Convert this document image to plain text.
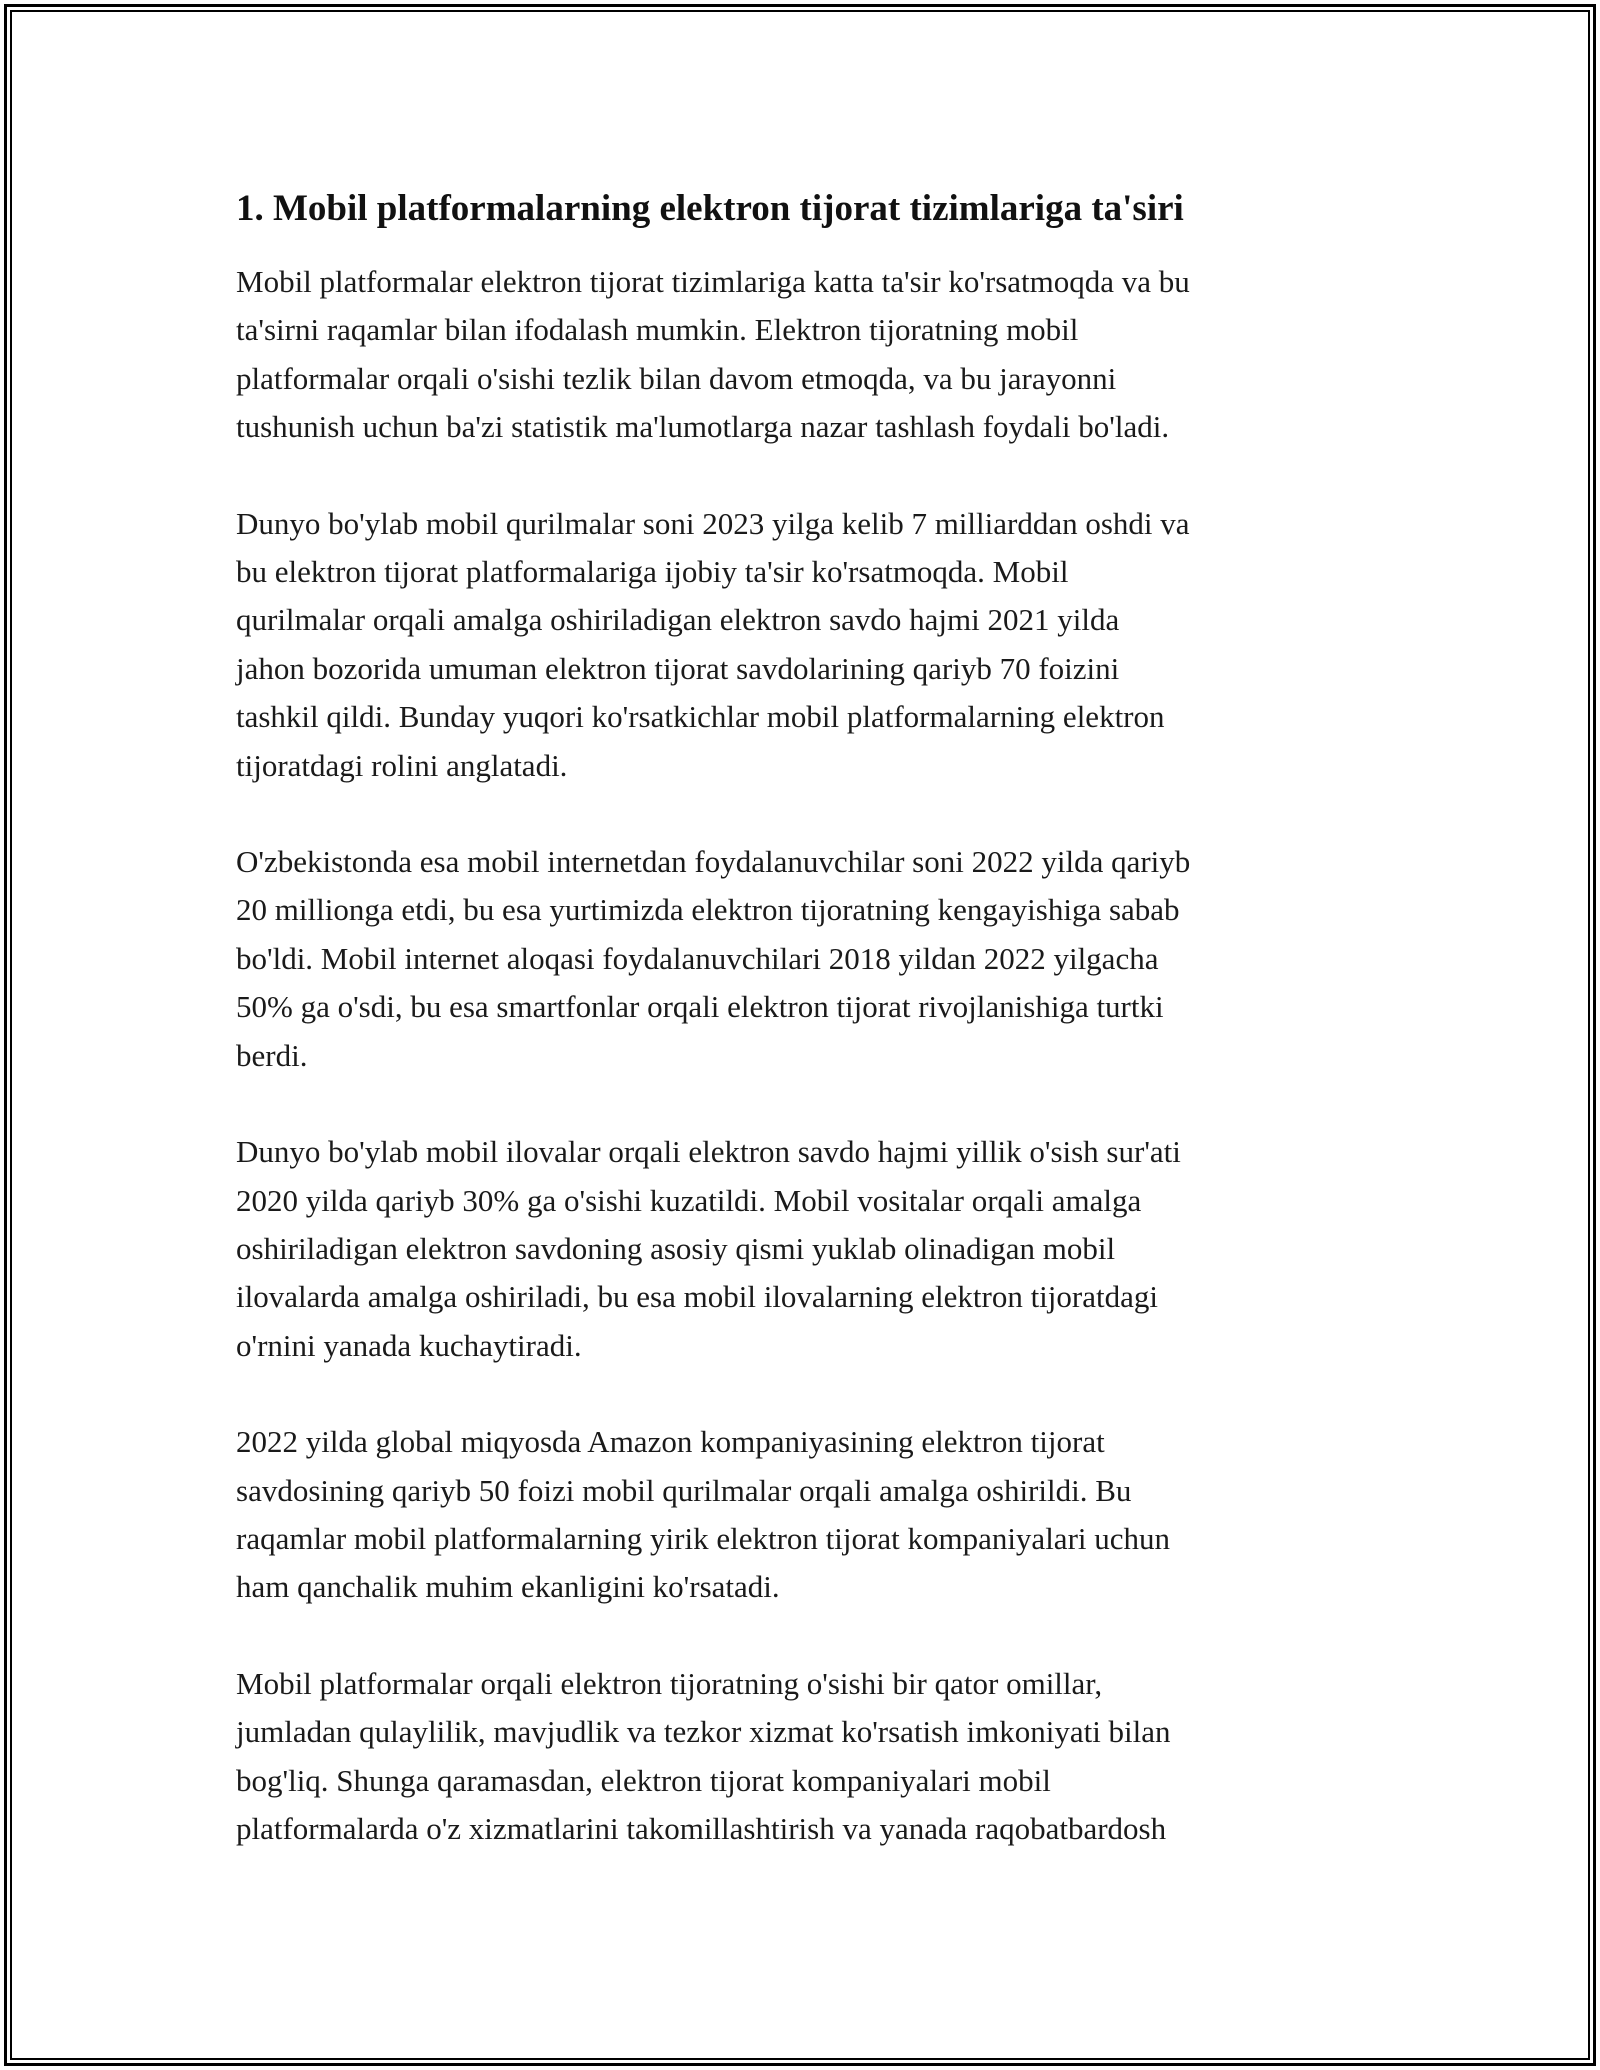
1. Mobil platformalarning elektron tijorat tizimlariga ta'siri

Mobil platformalar elektron tijorat tizimlariga katta ta'sir ko'rsatmoqda va bu
ta'sirni raqamlar bilan ifodalash mumkin. Elektron tijoratning mobil
platformalar orqali o'sishi tezlik bilan davom etmoqda, va bu jarayonni
tushunish uchun ba'zi statistik ma'lumotlarga nazar tashlash foydali bo'ladi.

Dunyo bo'ylab mobil qurilmalar soni 2023 yilga kelib 7 milliarddan oshdi va
bu elektron tijorat platformalariga ijobiy ta'sir ko'rsatmoqda. Mobil
qurilmalar orqali amalga oshiriladigan elektron savdo hajmi 2021 yilda
jahon bozorida umuman elektron tijorat savdolarining qariyb 70 foizini
tashkil qildi. Bunday yuqori ko'rsatkichlar mobil platformalarning elektron
tijoratdagi rolini anglatadi.

O'zbekistonda esa mobil internetdan foydalanuvchilar soni 2022 yilda qariyb
20 millionga etdi, bu esa yurtimizda elektron tijoratning kengayishiga sabab
bo'ldi. Mobil internet aloqasi foydalanuvchilari 2018 yildan 2022 yilgacha
50% ga o'sdi, bu esa smartfonlar orqali elektron tijorat rivojlanishiga turtki
berdi.

Dunyo bo'ylab mobil ilovalar orqali elektron savdo hajmi yillik o'sish sur'ati
2020 yilda qariyb 30% ga o'sishi kuzatildi. Mobil vositalar orqali amalga
oshiriladigan elektron savdoning asosiy qismi yuklab olinadigan mobil
ilovalarda amalga oshiriladi, bu esa mobil ilovalarning elektron tijoratdagi
o'rnini yanada kuchaytiradi.

2022 yilda global miqyosda Amazon kompaniyasining elektron tijorat
savdosining qariyb 50 foizi mobil qurilmalar orqali amalga oshirildi. Bu
raqamlar mobil platformalarning yirik elektron tijorat kompaniyalari uchun
ham qanchalik muhim ekanligini ko'rsatadi.

Mobil platformalar orqali elektron tijoratning o'sishi bir qator omillar,
jumladan qulaylilik, mavjudlik va tezkor xizmat ko'rsatish imkoniyati bilan
bog'liq. Shunga qaramasdan, elektron tijorat kompaniyalari mobil
platformalarda o'z xizmatlarini takomillashtirish va yanada raqobatbardosh
